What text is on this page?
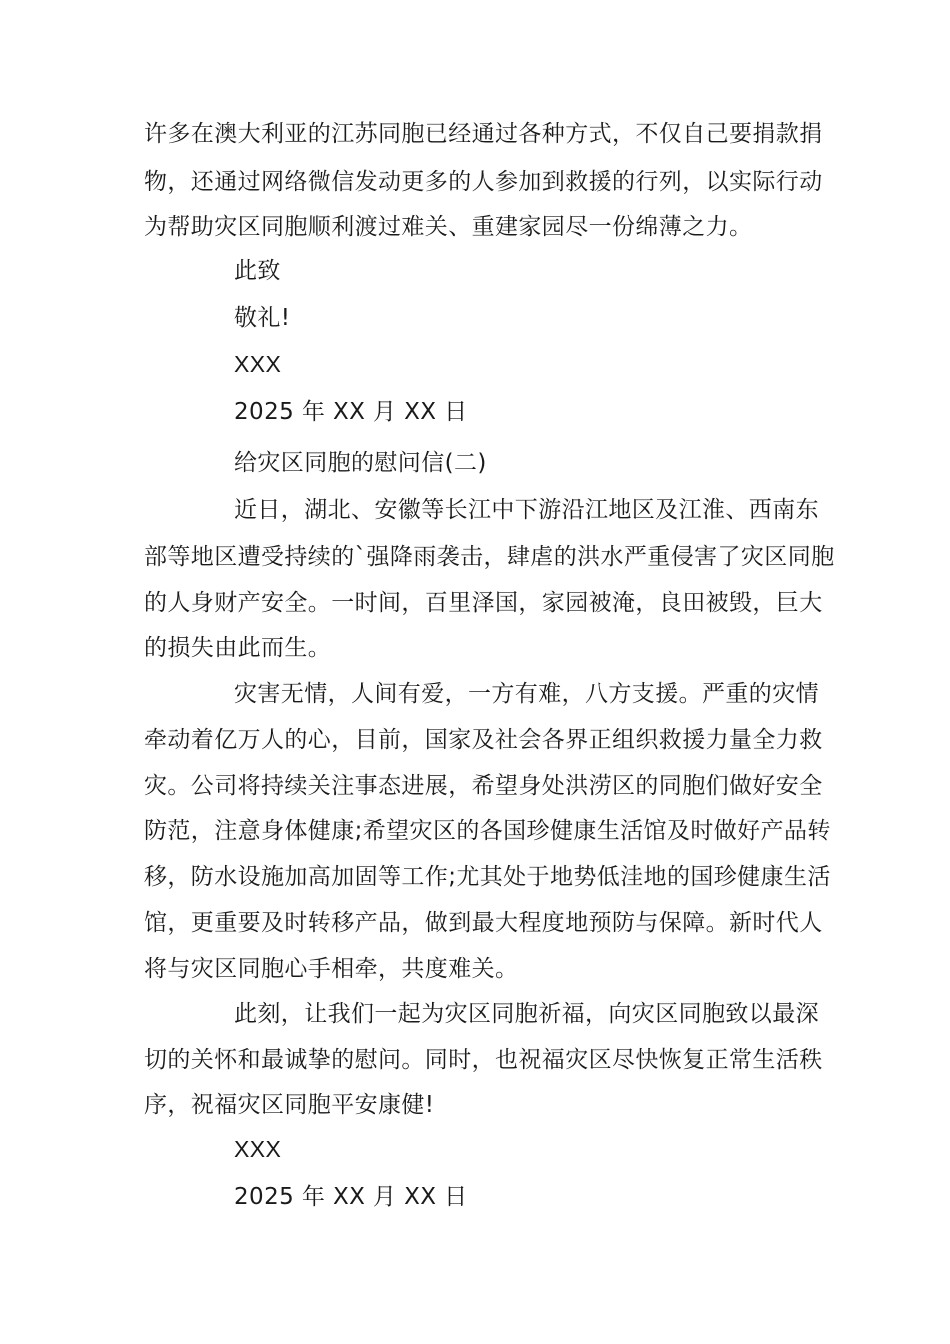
许多在澳大利亚的江苏同胞已经通过各种方式，不仅自己要捐款捐
物，还通过网络微信发动更多的人参加到救援的行列，以实际行动
为帮助灾区同胞顺利渡过难关、重建家园尽一份绵薄之力。
此致
敬礼!
XXX
2025 年 XX 月 XX 日
给灾区同胞的慰问信(二)
近日，湖北、安徽等长江中下游沿江地区及江淮、西南东
部等地区遭受持续的`强降雨袭击，肆虐的洪水严重侵害了灾区同胞
的人身财产安全。一时间，百里泽国，家园被淹，良田被毁，巨大
的损失由此而生。
灾害无情，人间有爱，一方有难，八方支援。严重的灾情
牵动着亿万人的心，目前，国家及社会各界正组织救援力量全力救
灾。公司将持续关注事态进展，希望身处洪涝区的同胞们做好安全
防范，注意身体健康;希望灾区的各国珍健康生活馆及时做好产品转
移，防水设施加高加固等工作;尤其处于地势低洼地的国珍健康生活
馆，更重要及时转移产品，做到最大程度地预防与保障。新时代人
将与灾区同胞心手相牵，共度难关。
此刻，让我们一起为灾区同胞祈福，向灾区同胞致以最深
切的关怀和最诚挚的慰问。同时，也祝福灾区尽快恢复正常生活秩
序，祝福灾区同胞平安康健!
XXX
2025 年 XX 月 XX 日
